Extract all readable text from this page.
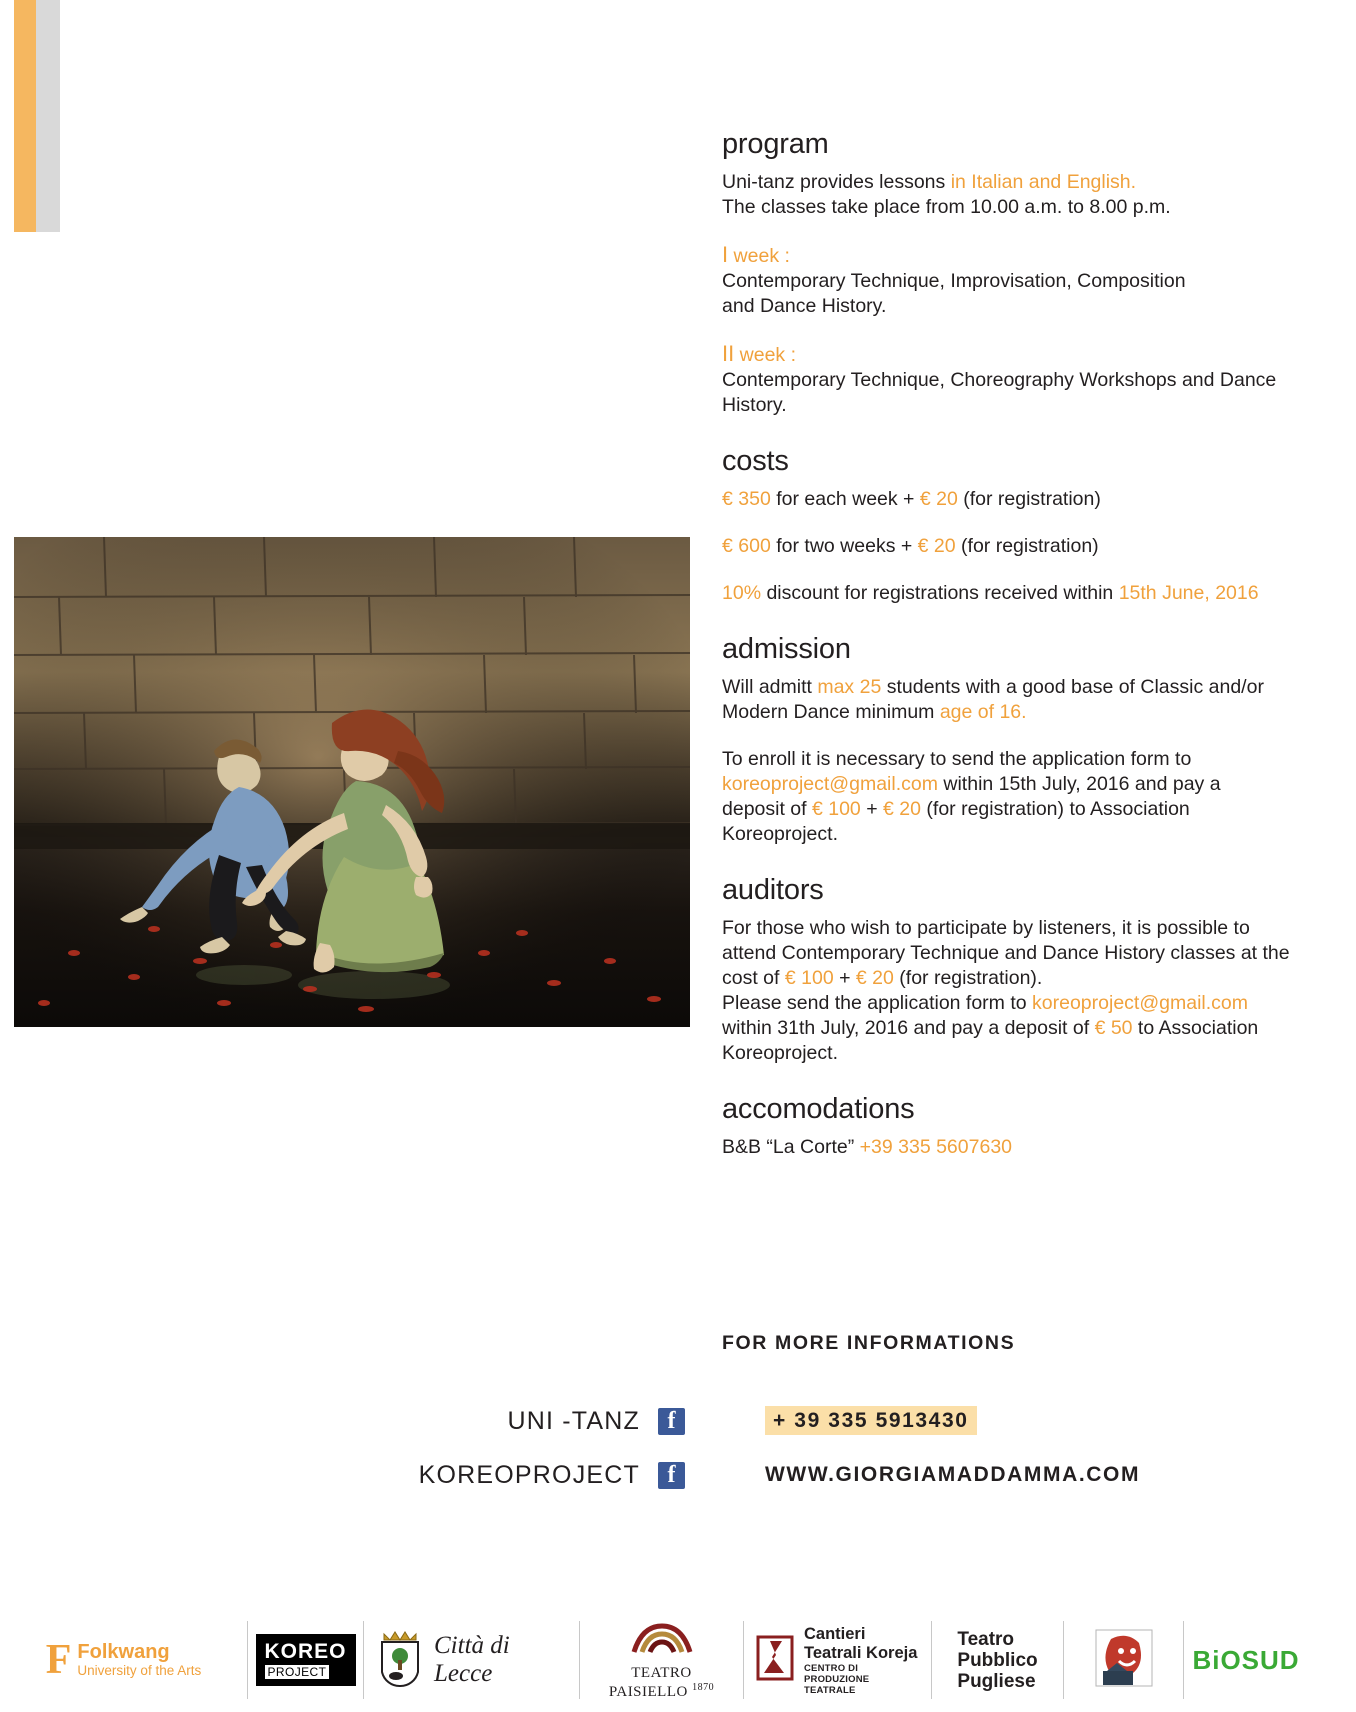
program

Uni-tanz provides lessons in Italian and English.
The classes take place from 10.00 a.m. to 8.00 p.m.

I week :

Contemporary Technique, Improvisation, Composition
and Dance History.

II week :

Contemporary Technique, Choreography Workshops and Dance
History.

costs

€ 350 for each week + € 20 (for registration)

€ 600 for two weeks + € 20 (for registration)

10% discount for registrations received within 15th June, 2016

admission

Will admitt max 25 students with a good base of Classic and/or
Modern Dance minimum age of 16.

To enroll it is necessary to send the application form to
koreoproject@gmail.com within 15th July, 2016 and pay a
deposit of € 100 + € 20 (for registration) to Association
Koreoproject.

auditors

For those who wish to participate by listeners, it is possible to
attend Contemporary Technique and Dance History classes at the
cost of € 100 + € 20 (for registration).
Please send the application form to koreoproject@gmail.com
within 31th July, 2016 and pay a deposit of € 50 to Association
Koreoproject.

accomodations

B&B “La Corte” +39 335 5607630

FOR MORE INFORMATIONS
UNI -TANZ	f	+ 39 335 5913430
KOREOPROJECT	f	WWW.GIORGIAMADDAMMA.COM
F Folkwang
University of the Arts
KOREO
PROJECT
Città di Lecce	TEATRO PAISIELLO $^{1870}$
Cantieri Teatrali Koreja
CENTRO DI PRODUZIONE TEATRALE
Teatro
Pubblico
Pugliese
BiOSUD
